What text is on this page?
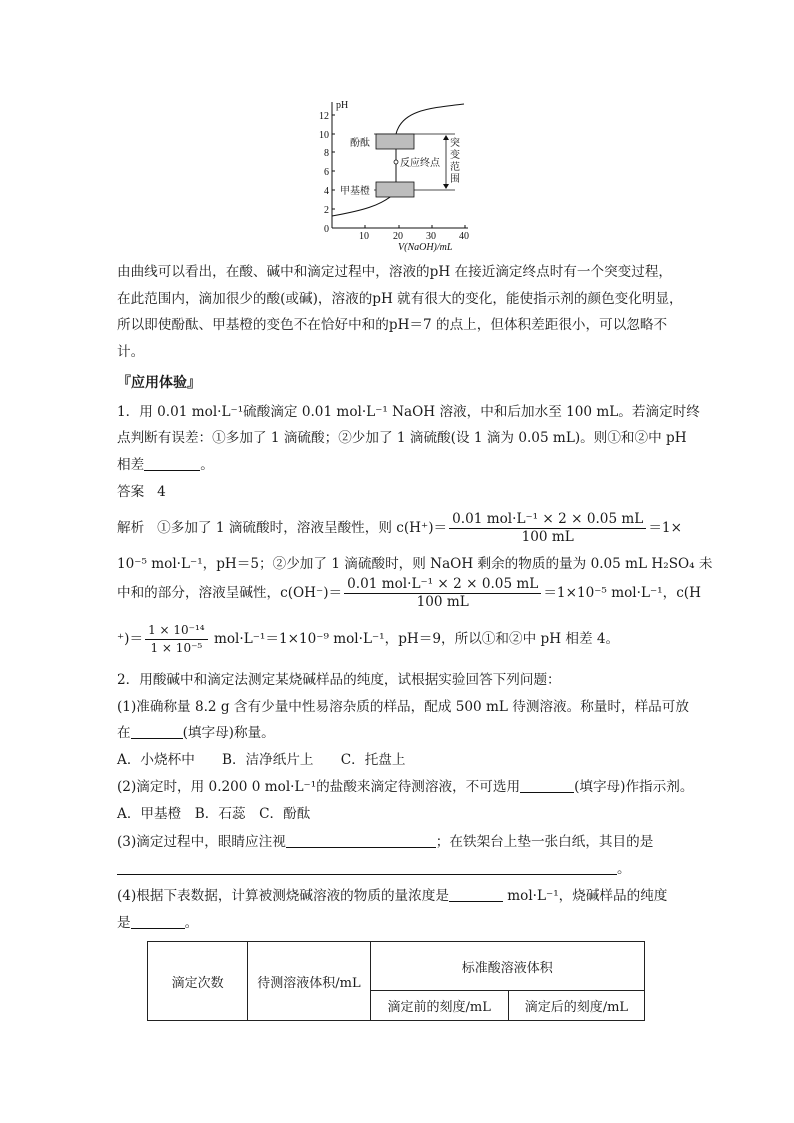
pH
0
2
4
6
8
10
12
10 20 30 40
V(NaOH)/mL
酚酞
甲基橙
反应终点
突
变
范
围
由曲线可以看出，在酸、碱中和滴定过程中，溶液的pH 在接近滴定终点时有一个突变过程，
在此范围内，滴加很少的酸(或碱)，溶液的pH 就有很大的变化，能使指示剂的颜色变化明显，
所以即使酚酞、甲基橙的变色不在恰好中和的pH＝7 的点上，但体积差距很小，可以忽略不
计。
『应用体验』
1．用 0.01 mol·L⁻¹硫酸滴定 0.01 mol·L⁻¹ NaOH 溶液，中和后加水至 100 mL。若滴定时终
点判断有误差：①多加了 1 滴硫酸；②少加了 1 滴硫酸(设 1 滴为 0.05 mL)。则①和②中 pH
相差	。
答案 4
解析 ①多加了 1 滴硫酸时，溶液呈酸性，则 $c(H^+)= \frac{\text{0.01 mol·L⁻¹ × 2 × 0.05 mL}}{100 mL} =1\times$
10⁻⁵ mol·L⁻¹，pH＝5；②少加了 1 滴硫酸时，则 NaOH 剩余的物质的量为 0.05 mL H₂SO₄ 未
中和的部分，溶液呈碱性，$c(OH^-)= \frac{\text{0.01 mol·L⁻¹ × 2 × 0.05 mL}}{100 mL} =1\times 10^{-5}$ mol·L⁻¹，c(H
⁺)＝ $\frac{\text{1 × 10⁻¹⁴}}{\text{1 × 10⁻⁵}} mol\cdot L^{-1}=1\times 10^{-9}$ mol·L⁻¹，pH＝9，所以①和②中 pH 相差 4。
2．用酸碱中和滴定法测定某烧碱样品的纯度，试根据实验回答下列问题：
(1)准确称量 8.2 g 含有少量中性易溶杂质的样品，配成 500 mL 待测溶液。称量时，样品可放
在	(填字母)称量。
A．小烧杯中　　B．洁净纸片上　　C．托盘上
(2)滴定时，用 0.200 0 mol·L⁻¹的盐酸来滴定待测溶液，不可选用	(填字母)作指示剂。
A．甲基橙　B．石蕊　C．酚酞
(3)滴定过程中，眼睛应注视	；在铁架台上垫一张白纸，其目的是
。
(4)根据下表数据，计算被测烧碱溶液的物质的量浓度是	mol·L⁻¹，烧碱样品的纯度
是	。
滴定次数	待测溶液体积/mL	标准酸溶液体积	
		滴定前的刻度/mL	滴定后的刻度/mL
